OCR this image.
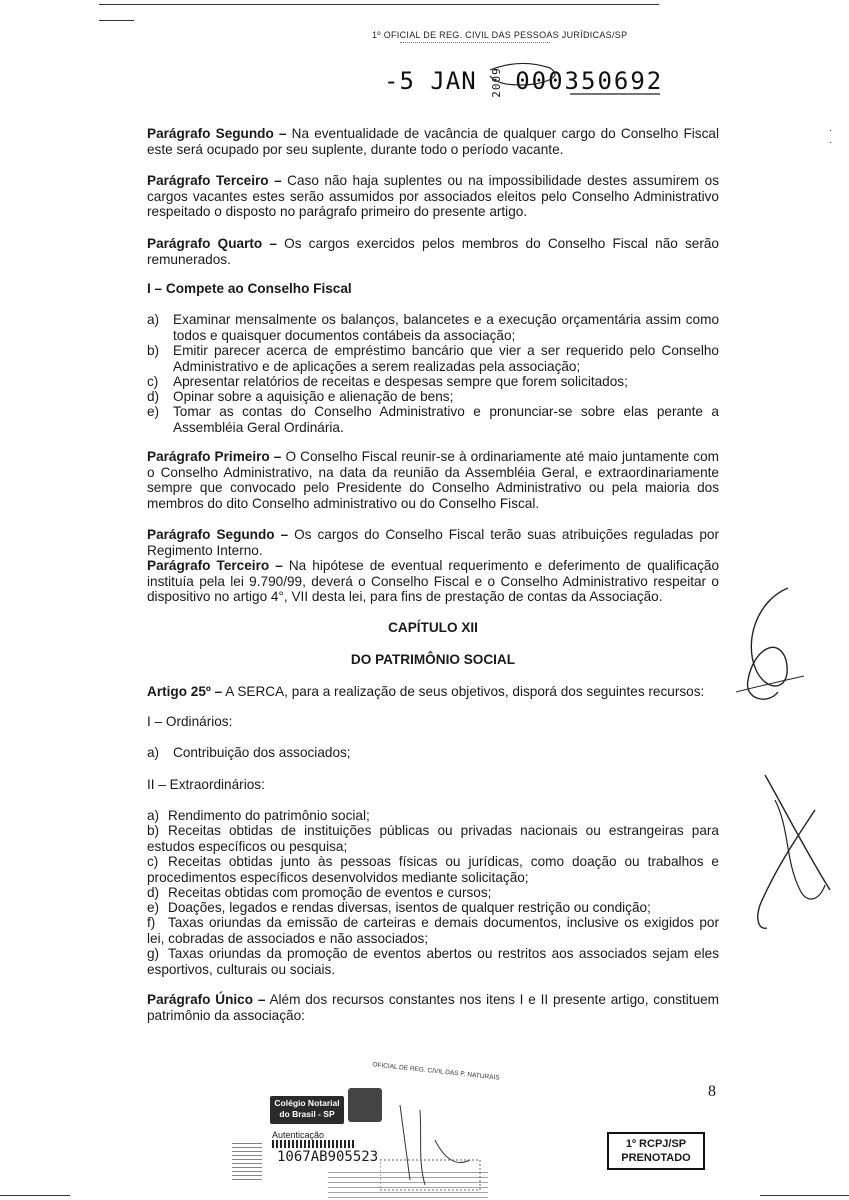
1º OFICIAL DE REG. CIVIL DAS PESSOAS JURÍDICAS/SP
-5 JAN 2009 000350692
·
·
Parágrafo Segundo – Na eventualidade de vacância de qualquer cargo do Conselho Fiscal este será ocupado por seu suplente, durante todo o período vacante.
Parágrafo Terceiro – Caso não haja suplentes ou na impossibilidade destes assumirem os cargos vacantes estes serão assumidos por associados eleitos pelo Conselho Administrativo respeitado o disposto no parágrafo primeiro do presente artigo.
Parágrafo Quarto – Os cargos exercidos pelos membros do Conselho Fiscal não serão remunerados.
I – Compete ao Conselho Fiscal
a) Examinar mensalmente os balanços, balancetes e a execução orçamentária assim como todos e quaisquer documentos contábeis da associação;
b) Emitir parecer acerca de empréstimo bancário que vier a ser requerido pelo Conselho Administrativo e de aplicações a serem realizadas pela associação;
c) Apresentar relatórios de receitas e despesas sempre que forem solicitados;
d) Opinar sobre a aquisição e alienação de bens;
e) Tomar as contas do Conselho Administrativo e pronunciar-se sobre elas perante a Assembléia Geral Ordinária.
Parágrafo Primeiro – O Conselho Fiscal reunir-se à ordinariamente até maio juntamente com o Conselho Administrativo, na data da reunião da Assembléia Geral, e extraordinariamente sempre que convocado pelo Presidente do Conselho Administrativo ou pela maioria dos membros do dito Conselho administrativo ou do Conselho Fiscal.
Parágrafo Segundo – Os cargos do Conselho Fiscal terão suas atribuições reguladas por Regimento Interno.
Parágrafo Terceiro – Na hipótese de eventual requerimento e deferimento de qualificação instituía pela lei 9.790/99, deverá o Conselho Fiscal e o Conselho Administrativo respeitar o dispositivo no artigo 4°, VII desta lei, para fins de prestação de contas da Associação.
CAPÍTULO XII
DO PATRIMÔNIO SOCIAL
Artigo 25º – A SERCA, para a realização de seus objetivos, disporá dos seguintes recursos:
I – Ordinários:
a) Contribuição dos associados;
II – Extraordinários:
a) Rendimento do patrimônio social;
b) Receitas obtidas de instituições públicas ou privadas nacionais ou estrangeiras para estudos específicos ou pesquisa;
c) Receitas obtidas junto às pessoas físicas ou jurídicas, como doação ou trabalhos e procedimentos específicos desenvolvidos mediante solicitação;
d) Receitas obtidas com promoção de eventos e cursos;
e) Doações, legados e rendas diversas, isentos de qualquer restrição ou condição;
f) Taxas oriundas da emissão de carteiras e demais documentos, inclusive os exigidos por lei, cobradas de associados e não associados;
g) Taxas oriundas da promoção de eventos abertos ou restritos aos associados sejam eles esportivos, culturais ou sociais.
Parágrafo Único – Além dos recursos constantes nos itens I e II presente artigo, constituem patrimônio da associação:
8
1º RCPJ/SP
PRENOTADO
Colégio Notarial
do Brasil - SP
Autenticação
1067AB905523
OFICIAL DE REG. CIVIL DAS P. NATURAIS
